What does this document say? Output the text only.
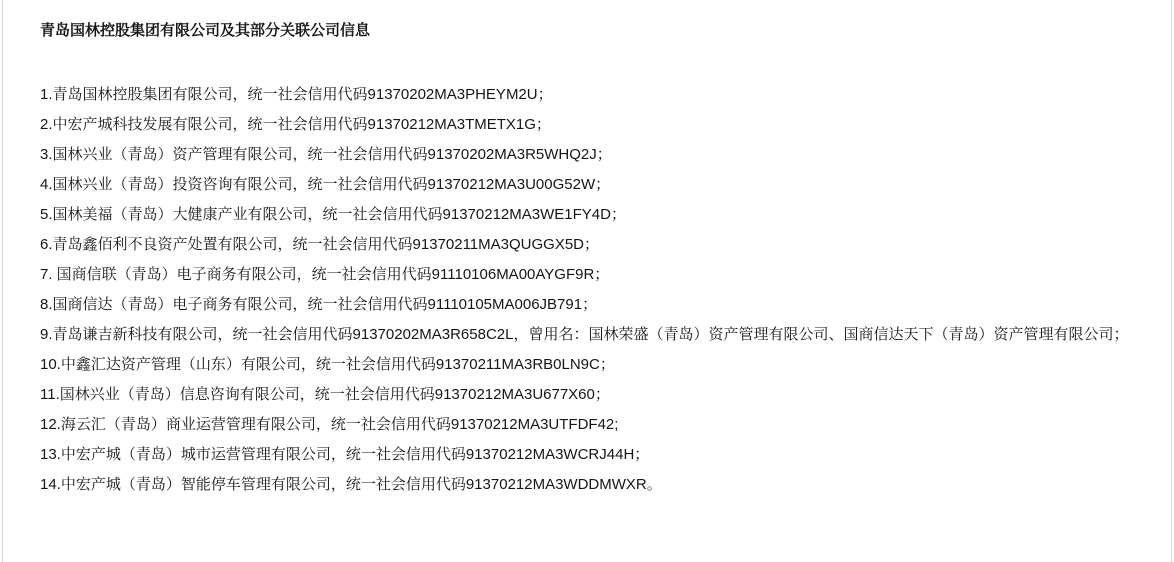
青岛国林控股集团有限公司及其部分关联公司信息

1.青岛国林控股集团有限公司，统一社会信用代码91370202MA3PHEYM2U；

2.中宏产城科技发展有限公司，统一社会信用代码91370212MA3TMETX1G；

3.国林兴业（青岛）资产管理有限公司，统一社会信用代码91370202MA3R5WHQ2J；

4.国林兴业（青岛）投资咨询有限公司，统一社会信用代码91370212MA3U00G52W；

5.国林美福（青岛）大健康产业有限公司，统一社会信用代码91370212MA3WE1FY4D；

6.青岛鑫佰利不良资产处置有限公司，统一社会信用代码91370211MA3QUGGX5D；

7. 国商信联（青岛）电子商务有限公司，统一社会信用代码91110106MA00AYGF9R；

8.国商信达（青岛）电子商务有限公司，统一社会信用代码91110105MA006JB791；

9.青岛谦吉新科技有限公司，统一社会信用代码91370202MA3R658C2L，曾用名：国林荣盛（青岛）资产管理有限公司、国商信达天下（青岛）资产管理有限公司；

10.中鑫汇达资产管理（山东）有限公司，统一社会信用代码91370211MA3RB0LN9C；

11.国林兴业（青岛）信息咨询有限公司，统一社会信用代码91370212MA3U677X60；

12.海云汇（青岛）商业运营管理有限公司，统一社会信用代码91370212MA3UTFDF42;

13.中宏产城（青岛）城市运营管理有限公司，统一社会信用代码91370212MA3WCRJ44H；

14.中宏产城（青岛）智能停车管理有限公司，统一社会信用代码91370212MA3WDDMWXR。
